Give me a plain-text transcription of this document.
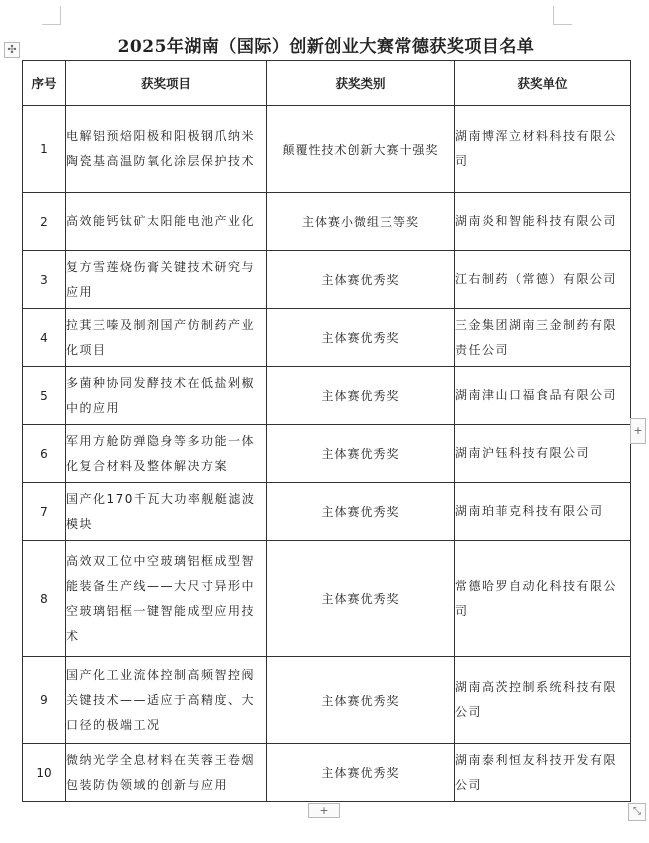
✣	2025年湖南（国际）创新创业大赛常德获奖项目名单
序号	获奖项目	获奖类别	获奖单位
1	电解铝预焙阳极和阳极钢爪纳米陶瓷基高温防氧化涂层保护技术	颠覆性技术创新大赛十强奖	湖南博浑立材料科技有限公司
2	高效能钙钛矿太阳能电池产业化	主体赛小微组三等奖	湖南炎和智能科技有限公司
3	复方雪莲烧伤膏关键技术研究与应用	主体赛优秀奖	江右制药（常德）有限公司
4	拉萁三嗪及制剂国产仿制药产业化项目	主体赛优秀奖	三金集团湖南三金制药有限责任公司
5	多菌种协同发酵技术在低盐剁椒中的应用	主体赛优秀奖	湖南津山口福食品有限公司
6	军用方舱防弹隐身等多功能一体化复合材料及整体解决方案	主体赛优秀奖	湖南沪钰科技有限公司
7	国产化170千瓦大功率舰艇滤波模块	主体赛优秀奖	湖南珀菲克科技有限公司
8	高效双工位中空玻璃铝框成型智能装备生产线——大尺寸异形中空玻璃铝框一键智能成型应用技术	主体赛优秀奖	常德哈罗自动化科技有限公司
9	国产化工业流体控制高频智控阀关键技术——适应于高精度、大口径的极端工况	主体赛优秀奖	湖南高茨控制系统科技有限公司
10	微纳光学全息材料在芙蓉王卷烟包装防伪领域的创新与应用	主体赛优秀奖	湖南泰利恒友科技开发有限公司
+
+	⤡
